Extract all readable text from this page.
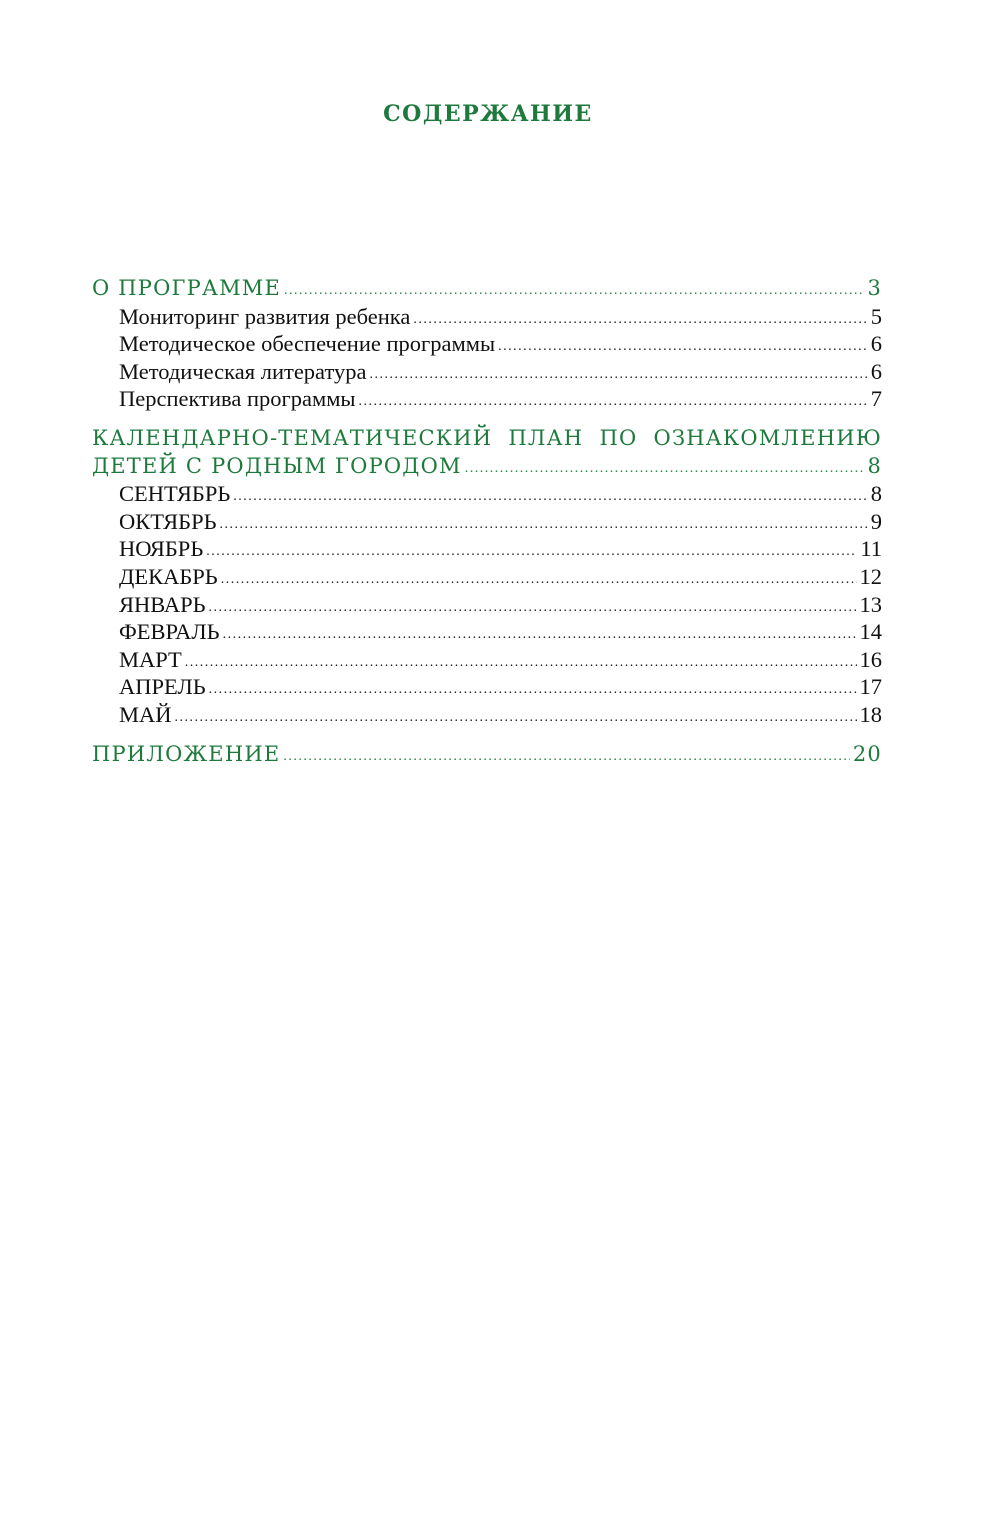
СОДЕРЖАНИЕ
О ПРОГРАММЕ .....	3
Мониторинг развития ребенка .....	5
Методическое обеспечение программы .....	6
Методическая литература .....	6
Перспектива программы .....	7
КАЛЕНДАРНО-ТЕМАТИЧЕСКИЙ ПЛАН ПО ОЗНАКОМЛЕНИЮ
ДЕТЕЙ С РОДНЫМ ГОРОДОМ .....	8
СЕНТЯБРЬ .....	8
ОКТЯБРЬ .....	9
НОЯБРЬ .....	11
ДЕКАБРЬ .....	12
ЯНВАРЬ .....	13
ФЕВРАЛЬ .....	14
МАРТ .....	16
АПРЕЛЬ .....	17
МАЙ .....	18
ПРИЛОЖЕНИЕ .....	20
